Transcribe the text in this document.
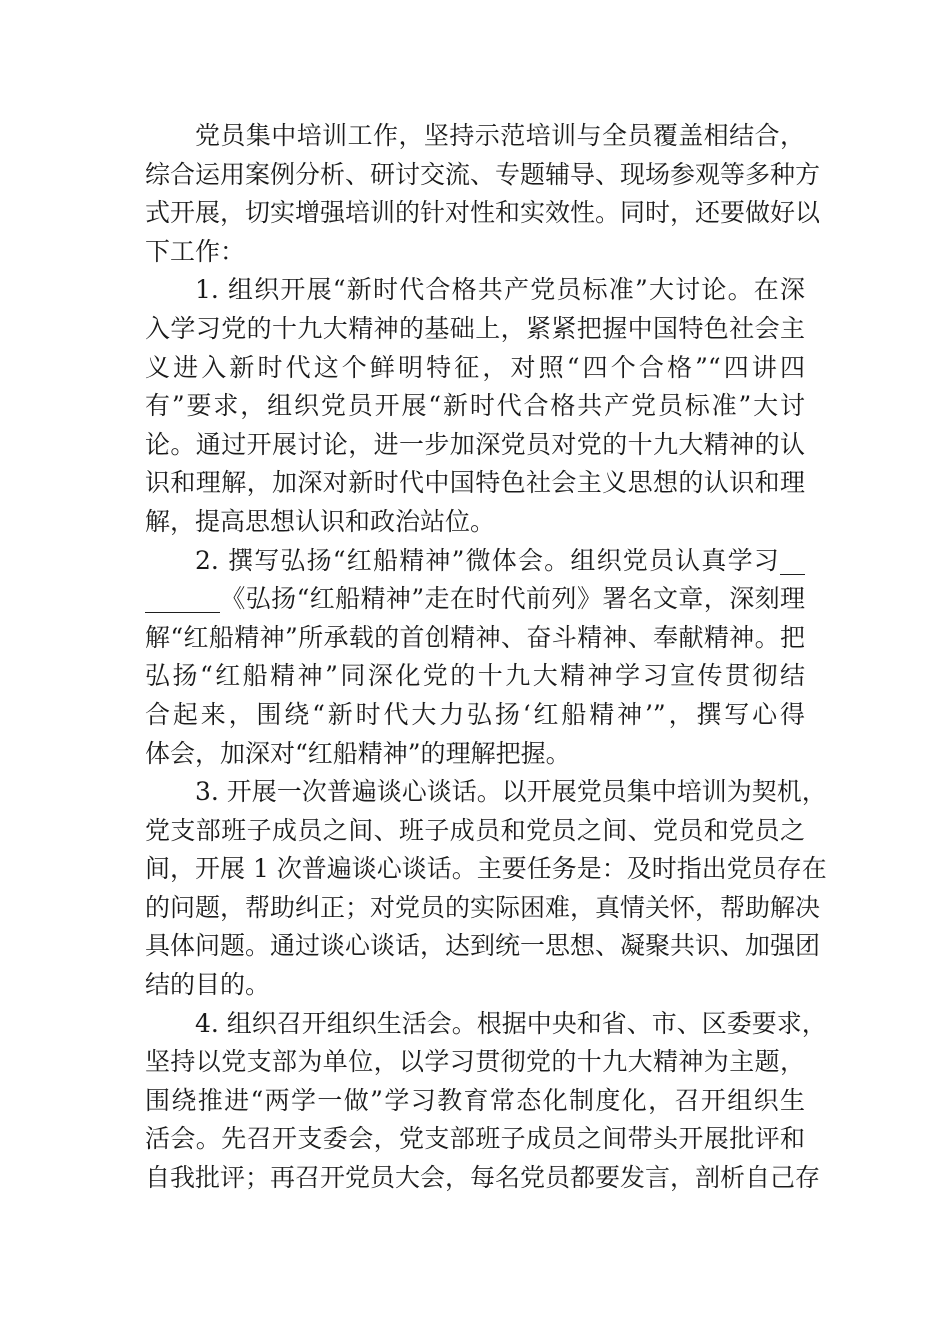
党员集中培训工作，坚持示范培训与全员覆盖相结合，
综合运用案例分析、研讨交流、专题辅导、现场参观等多种方
式开展，切实增强培训的针对性和实效性。同时，还要做好以
下工作：
1. 组织开展“新时代合格共产党员标准”大讨论。在深
入学习党的十九大精神的基础上，紧紧把握中国特色社会主
义进入新时代这个鲜明特征，对照“四个合格”“四讲四
有”要求，组织党员开展“新时代合格共产党员标准”大讨
论。通过开展讨论，进一步加深党员对党的十九大精神的认
识和理解，加深对新时代中国特色社会主义思想的认识和理
解，提高思想认识和政治站位。
2. 撰写弘扬“红船精神”微体会。组织党员认真学习__
______《弘扬“红船精神”走在时代前列》署名文章，深刻理
解“红船精神”所承载的首创精神、奋斗精神、奉献精神。把
弘扬“红船精神”同深化党的十九大精神学习宣传贯彻结
合起来，围绕“新时代大力弘扬‘红船精神’”，撰写心得
体会，加深对“红船精神”的理解把握。
3. 开展一次普遍谈心谈话。以开展党员集中培训为契机，
党支部班子成员之间、班子成员和党员之间、党员和党员之
间，开展 1 次普遍谈心谈话。主要任务是：及时指出党员存在
的问题，帮助纠正；对党员的实际困难，真情关怀，帮助解决
具体问题。通过谈心谈话，达到统一思想、凝聚共识、加强团
结的目的。
4. 组织召开组织生活会。根据中央和省、市、区委要求，
坚持以党支部为单位，以学习贯彻党的十九大精神为主题，
围绕推进“两学一做”学习教育常态化制度化，召开组织生
活会。先召开支委会，党支部班子成员之间带头开展批评和
自我批评；再召开党员大会，每名党员都要发言，剖析自己存
